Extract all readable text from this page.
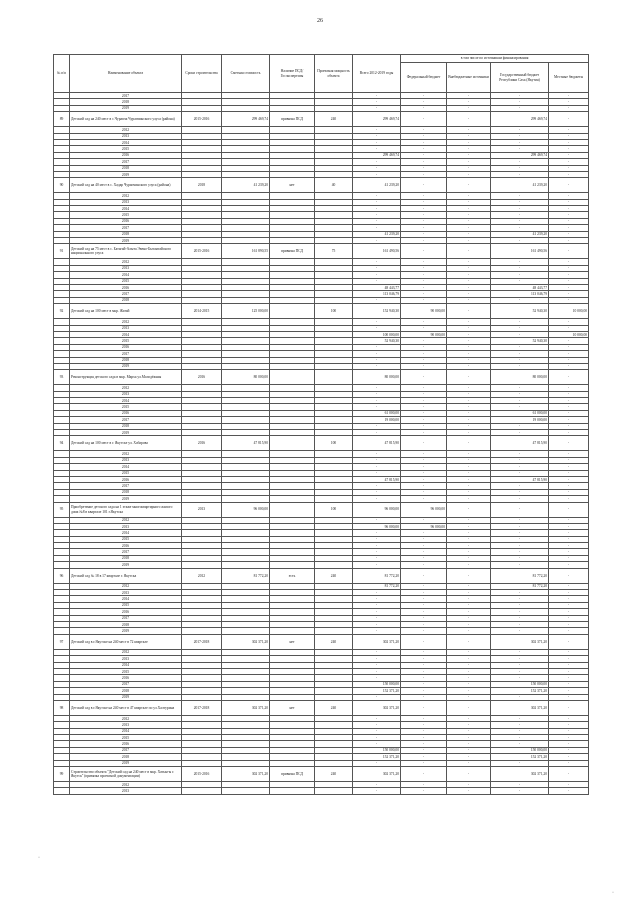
26
№ п/п	Наименование объекта	Сроки строительства	Сметная стоимость	Наличие ПСД/ Госэкспертизы	Проектная мощность объекта	Всего 2012-2019 годы	в том числе по источникам финансирования			
							Федеральный бюджет	Внебюджетные источники	Государственный бюджет Республики Саха (Якутия)	Местные бюджеты
	2017					-	-	-	-	-
	2018					-	-	-	-	-
	2019					-	-	-	-	-
89	Детский сад на 240 мест в с.Чурапча Чурапчинского улуса (района)	2015-2016	299 469,74	привязка ПСД	240	299 469,74	-	-	299 469,74	-
	2012					-	-	-	-	-
	2013					-	-	-	-	-
	2014					-	-	-	-	-
	2015					-	-	-	-	-
	2016					299 469,74	-	-	299 469,74	-
	2017					-	-	-	-	-
	2018					-	-	-	-	-
	2019					-	-	-	-	-
90	Детский сад на 40 мест в с. Хадар Чурапчинского улуса (района)	2018	41 239,20	нет	40	41 239,20	-	-	41 239,20	-
	2012					-	-	-	-	-
	2013					-	-	-	-	-
	2014					-	-	-	-	-
	2015					-	-	-	-	-
	2016					-	-	-	-	-
	2017					-	-	-	-	-
	2018					41 239,20	-	-	41 239,20	-
	2019					-	-	-	-	-
91	Детский сад на 75 мест в с. Батагай-Алыта Эвено-Бытантайского национального улуса	2015-2016	161 890,55	привязка ПСД	75	161 490,56	-	-	161 490,56	-
	2012					-	-	-	-	-
	2013					-	-	-	-	-
	2014					-	-	-	-	-
	2015					-	-	-	-	-
	2016					48 443,77	-	-	48 443,77	-
	2017					113 046,79	-	-	113 046,79	-
	2018					-	-	-	-	-
92	Детский сад на 100 мест в мкр. Жатай	2014-2015	125 000,00		100	152 940,30	90 000,00	-	52 940,30	10 000,00
	2012					-	-	-	-	-
	2013					-	-	-	-	-
	2014					100 000,00	90 000,00	-	-	10 000,00
	2015					52 940,30	-	-	52 940,30	-
	2016					-	-	-	-	-
	2017					-	-	-	-	-
	2018					-	-	-	-	-
	2019					-	-	-	-	-
93	Реконструкция детского сада в мкр. Марха ул.Молодёжная	2016	80 000,00			80 000,00	-	-	80 000,00	-
	2012					-	-	-	-	-
	2013					-	-	-	-	-
	2014					-	-	-	-	-
	2015					-	-	-	-	-
	2016					61 000,00	-	-	61 000,00	-
	2017					19 000,00	-	-	19 000,00	-
	2018					-	-	-	-	-
	2019					-	-	-	-	-
94	Детский сад на 100 мест в г. Якутске ул. Хабарова	2016	47 815,90		100	47 815,90	-	-	47 815,90	-
	2012					-	-	-	-	-
	2013					-	-	-	-	-
	2014					-	-	-	-	-
	2015					-	-	-	-	-
	2016					47 815,90	-	-	47 815,90	-
	2017					-	-	-	-	-
	2018					-	-	-	-	-
	2019					-	-	-	-	-
95	Приобретение детского сада на 1 этаже многоквартирного жилого дома №8 в квартале 101 г.Якутска	2013	96 000,00		100	96 000,00	96 000,00	-	-	-
	2012					-	-	-	-	-
	2013					96 000,00	96 000,00	-	-	-
	2014					-	-	-	-	-
	2015					-	-	-	-	-
	2016					-	-	-	-	-
	2017					-	-	-	-	-
	2018					-	-	-	-	-
	2019					-	-	-	-	-
96	Детский сад № 18 в 17 квартале г. Якутска	2012	81 772,20	есть	240	81 772,20	-	-	81 772,20	-
	2012					81 772,20	-	-	81 772,20	-
	2013					-	-	-	-	-
	2014					-	-	-	-	-
	2015					-	-	-	-	-
	2016					-	-	-	-	-
	2017					-	-	-	-	-
	2018					-	-	-	-	-
	2019					-	-	-	-	-
97	Детский сад в г.Якутске на 240 мест в 72 квартале	2017-2018	302 371,20	нет	240	302 371,20	-	-	302 371,20	-
	2012					-	-	-	-	-
	2013					-	-	-	-	-
	2014					-	-	-	-	-
	2015					-	-	-	-	-
	2016					-	-	-	-	-
	2017					150 000,00	-	-	150 000,00	-
	2018					152 371,20	-	-	152 371,20	-
	2019					-	-	-	-	-
98	Детский сад в г.Якутске на 240 мест в 47 квартале по ул.Халтурина	2017-2018	302 371,20	нет	240	302 371,20	-	-	302 371,20	-
	2012					-	-	-	-	-
	2013					-	-	-	-	-
	2014					-	-	-	-	-
	2015					-	-	-	-	-
	2016					-	-	-	-	-
	2017					150 000,00	-	-	150 000,00	-
	2018					152 371,20	-	-	152 371,20	-
	2019					-	-	-	-	-
99	Строительство объекта "Детский сад на 240 мест в мкр. Хатын-ы г. Якутск" (привязка проектной документации)	2015-2016	302 371,20	привязка ПСД	240	302 371,20	-	-	302 371,20	-
	2012					-	-	-	-	-
	2013					-	-	-	-	-
·
·
